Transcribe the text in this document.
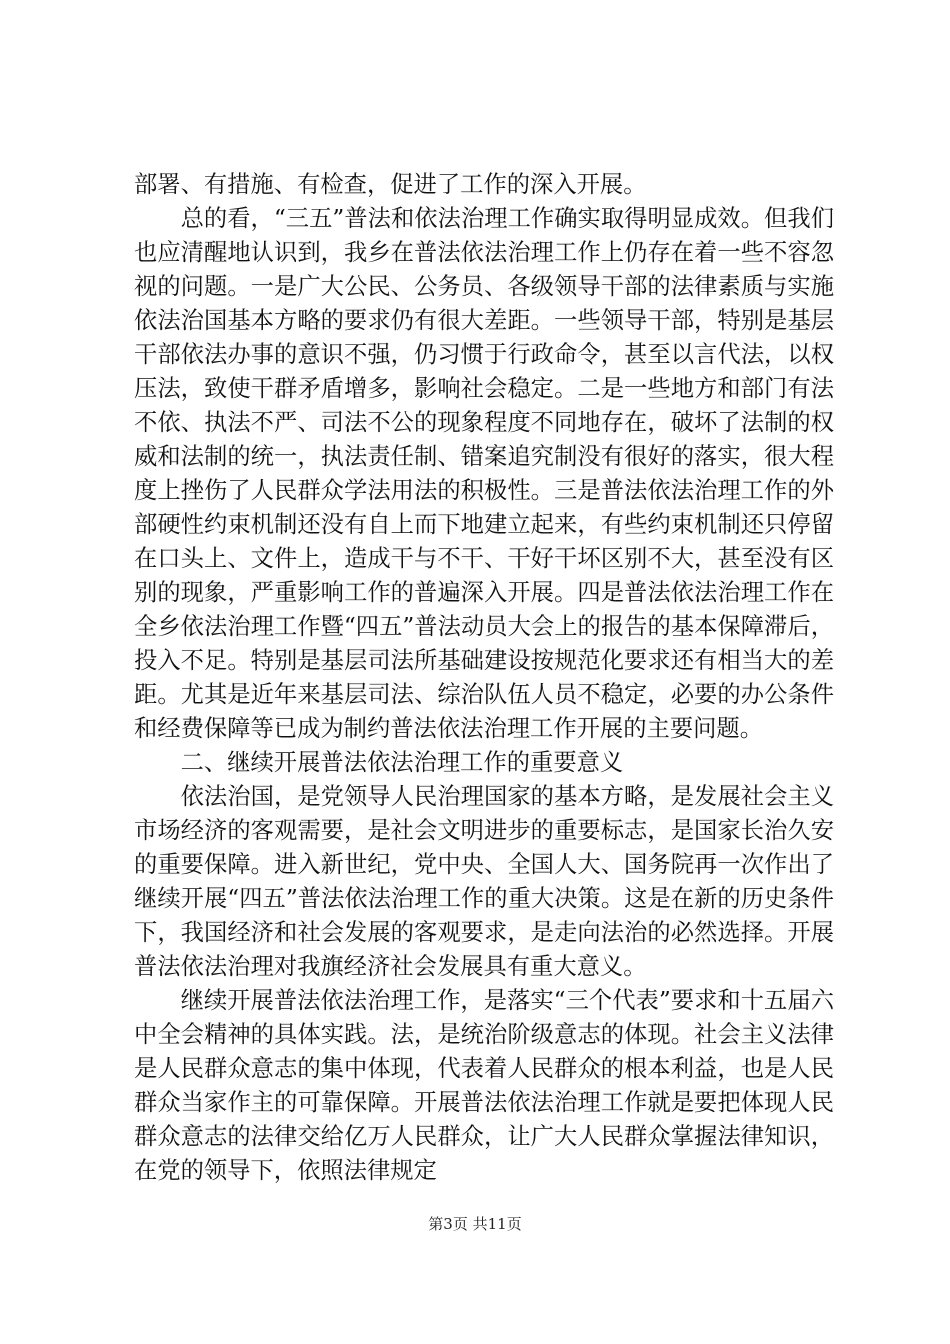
部署、有措施、有检查，促进了工作的深入开展。

总的看，“三五”普法和依法治理工作确实取得明显成效。但我们也应清醒地认识到，我乡在普法依法治理工作上仍存在着一些不容忽视的问题。一是广大公民、公务员、各级领导干部的法律素质与实施依法治国基本方略的要求仍有很大差距。一些领导干部，特别是基层干部依法办事的意识不强，仍习惯于行政命令，甚至以言代法，以权压法，致使干群矛盾增多，影响社会稳定。二是一些地方和部门有法不依、执法不严、司法不公的现象程度不同地存在，破坏了法制的权威和法制的统一，执法责任制、错案追究制没有很好的落实，很大程度上挫伤了人民群众学法用法的积极性。三是普法依法治理工作的外部硬性约束机制还没有自上而下地建立起来，有些约束机制还只停留在口头上、文件上，造成干与不干、干好干坏区别不大，甚至没有区别的现象，严重影响工作的普遍深入开展。四是普法依法治理工作在全乡依法治理工作暨“四五”普法动员大会上的报告的基本保障滞后，投入不足。特别是基层司法所基础建设按规范化要求还有相当大的差距。尤其是近年来基层司法、综治队伍人员不稳定，必要的办公条件和经费保障等已成为制约普法依法治理工作开展的主要问题。

二、继续开展普法依法治理工作的重要意义

依法治国，是党领导人民治理国家的基本方略，是发展社会主义市场经济的客观需要，是社会文明进步的重要标志，是国家长治久安的重要保障。进入新世纪，党中央、全国人大、国务院再一次作出了继续开展“四五”普法依法治理工作的重大决策。这是在新的历史条件下，我国经济和社会发展的客观要求，是走向法治的必然选择。开展普法依法治理对我旗经济社会发展具有重大意义。

继续开展普法依法治理工作，是落实“三个代表”要求和十五届六中全会精神的具体实践。法，是统治阶级意志的体现。社会主义法律是人民群众意志的集中体现，代表着人民群众的根本利益，也是人民群众当家作主的可靠保障。开展普法依法治理工作就是要把体现人民群众意志的法律交给亿万人民群众，让广大人民群众掌握法律知识，在党的领导下，依照法律规定

第3页 共11页
